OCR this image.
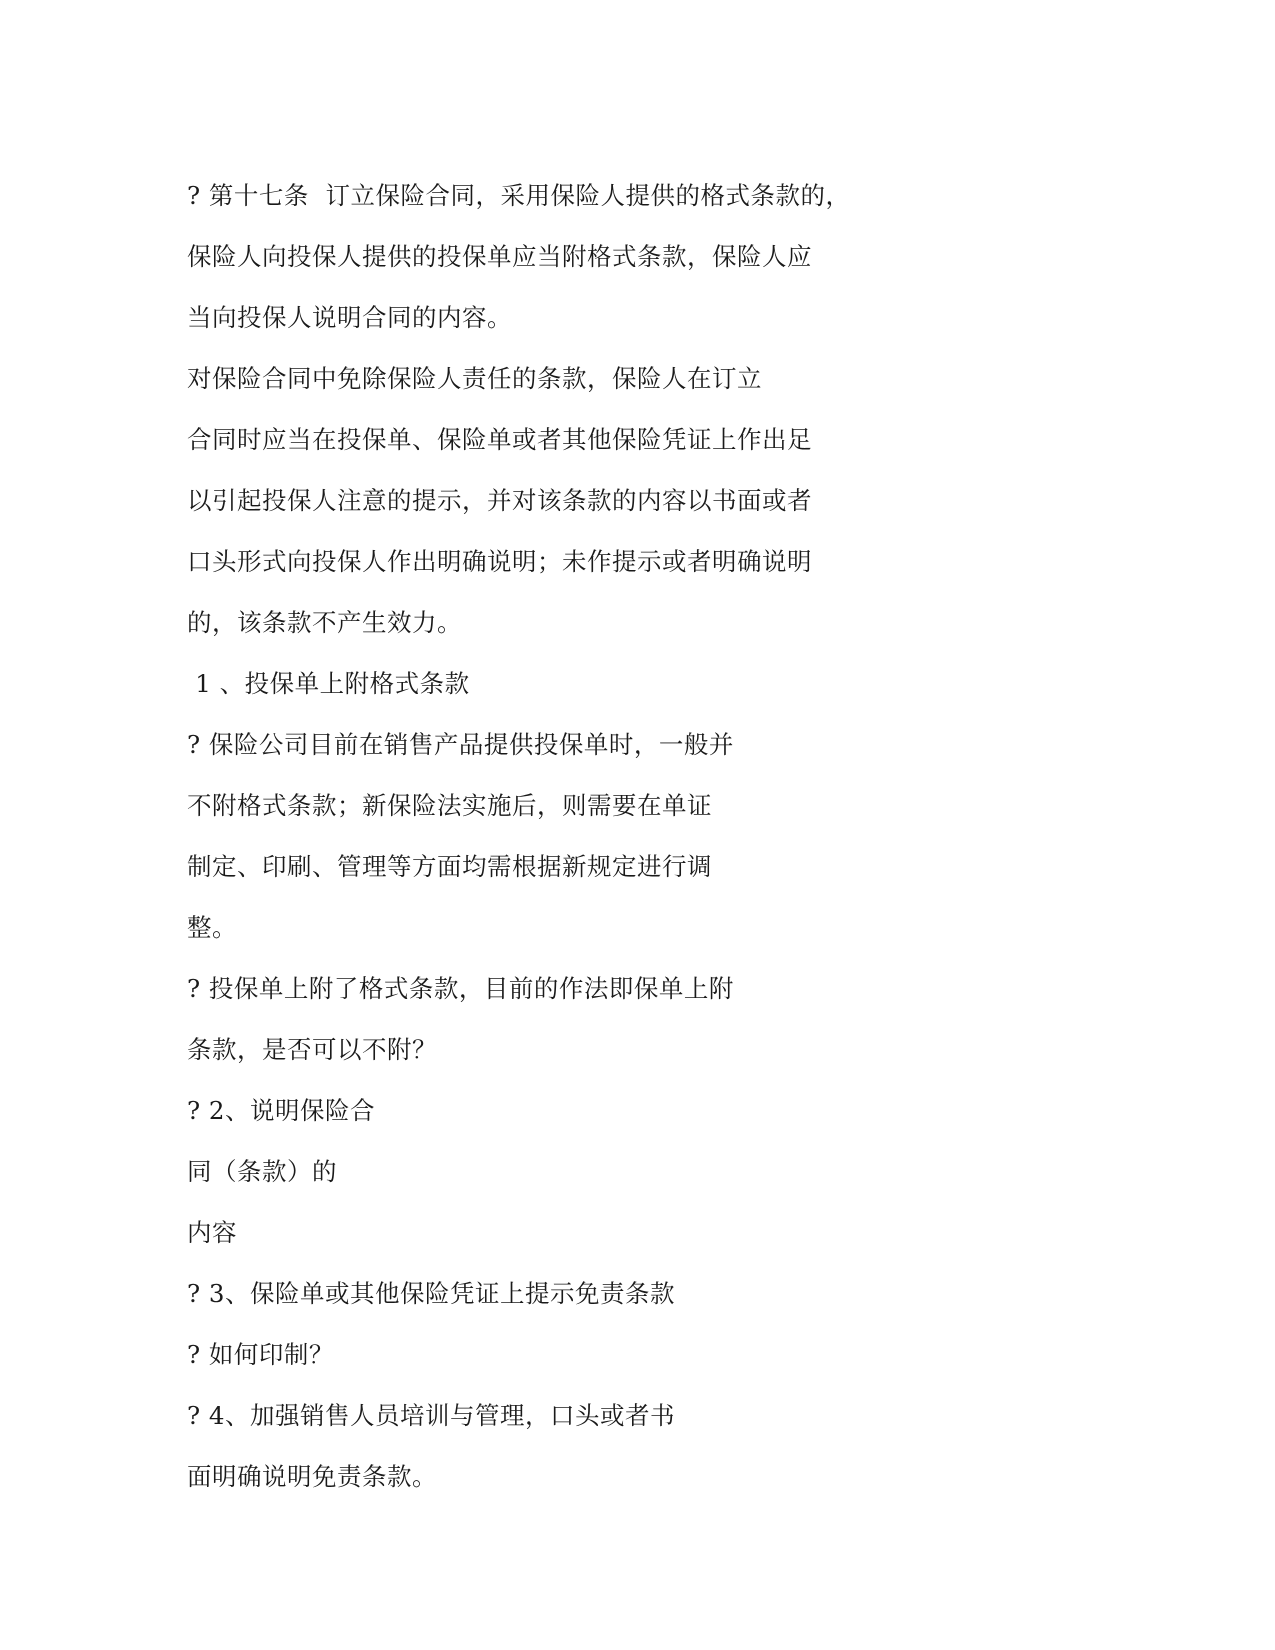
? 第十七条  订立保险合同，采用保险人提供的格式条款的，
保险人向投保人提供的投保单应当附格式条款，保险人应
当向投保人说明合同的内容。
对保险合同中免除保险人责任的条款，保险人在订立
合同时应当在投保单、保险单或者其他保险凭证上作出足
以引起投保人注意的提示，并对该条款的内容以书面或者
口头形式向投保人作出明确说明；未作提示或者明确说明
的，该条款不产生效力。
1 、投保单上附格式条款
? 保险公司目前在销售产品提供投保单时，一般并
不附格式条款；新保险法实施后，则需要在单证
制定、印刷、管理等方面均需根据新规定进行调
整。
? 投保单上附了格式条款，目前的作法即保单上附
条款，是否可以不附？
? 2、说明保险合
同（条款）的
内容
? 3、保险单或其他保险凭证上提示免责条款
? 如何印制？
? 4、加强销售人员培训与管理，口头或者书
面明确说明免责条款。
